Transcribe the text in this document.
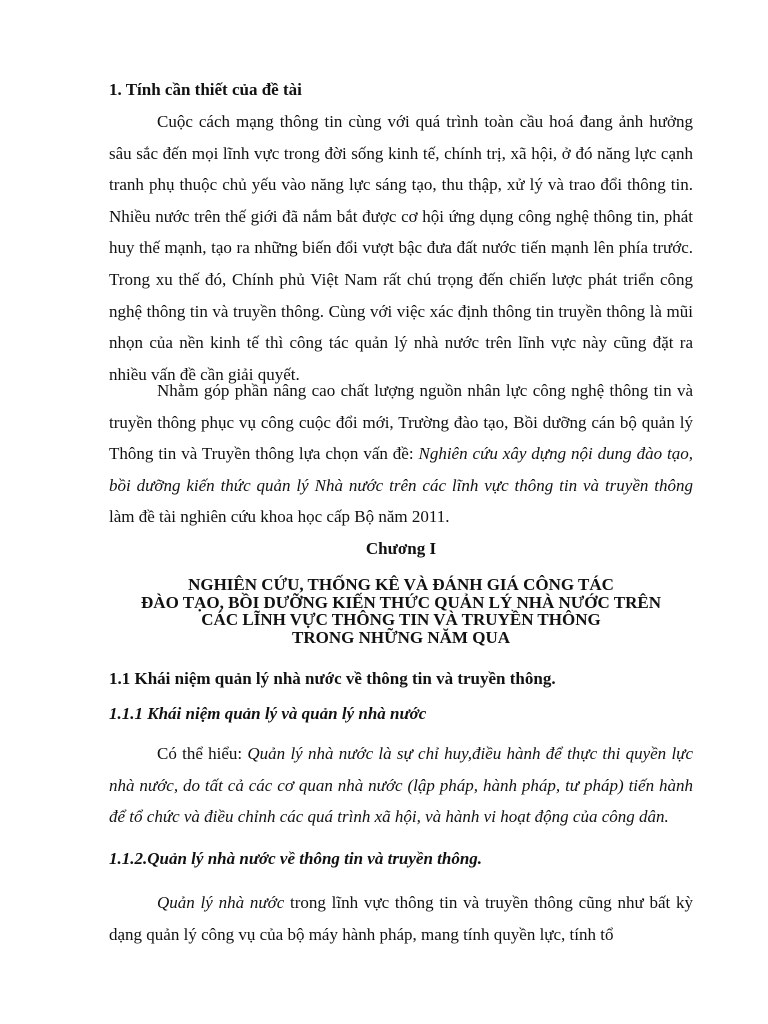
1. Tính cần thiết của đề tài

Cuộc cách mạng thông tin cùng với quá trình toàn cầu hoá đang ảnh hưởng sâu sắc đến mọi lĩnh vực trong đời sống kinh tế, chính trị, xã hội, ở đó năng lực cạnh tranh phụ thuộc chủ yếu vào năng lực sáng tạo, thu thập, xử lý và trao đổi thông tin. Nhiều nước trên thế giới đã nắm bắt được cơ hội ứng dụng công nghệ thông tin, phát huy thế mạnh, tạo ra những biến đổi vượt bậc đưa đất nước tiến mạnh lên phía trước. Trong xu thế đó, Chính phủ Việt Nam rất chú trọng đến chiến lược phát triển công nghệ thông tin và truyền thông. Cùng với việc xác định thông tin truyền thông là mũi nhọn của nền kinh tế thì công tác quản lý nhà nước trên lĩnh vực này cũng đặt ra nhiều vấn đề cần giải quyết.

Nhằm góp phần nâng cao chất lượng nguồn nhân lực công nghệ thông tin và truyền thông phục vụ công cuộc đổi mới, Trường đào tạo, Bồi dưỡng cán bộ quản lý Thông tin và Truyền thông lựa chọn vấn đề: Nghiên cứu xây dựng nội dung đào tạo, bồi dưỡng kiến thức quản lý Nhà nước trên các lĩnh vực thông tin và truyền thông làm đề tài nghiên cứu khoa học cấp Bộ năm 2011.

Chương I

NGHIÊN CỨU, THỐNG KÊ VÀ ĐÁNH GIÁ CÔNG TÁC
ĐÀO TẠO, BỒI DƯỠNG KIẾN THỨC QUẢN LÝ NHÀ NƯỚC TRÊN
CÁC LĨNH VỰC THÔNG TIN VÀ TRUYỀN THÔNG
TRONG NHỮNG NĂM QUA

1.1 Khái niệm quản lý nhà nước về thông tin và truyền thông.

1.1.1 Khái niệm quản lý và quản lý nhà nước

Có thể hiểu: Quản lý nhà nước là sự chỉ huy,điều hành để thực thi quyền lực nhà nước, do tất cả các cơ quan nhà nước (lập pháp, hành pháp, tư pháp) tiến hành để tổ chức và điều chỉnh các quá trình xã hội, và hành vi hoạt động của công dân.

1.1.2.Quản lý nhà nước về thông tin và truyền thông.

Quản lý nhà nước trong lĩnh vực thông tin và truyền thông cũng như bất kỳ dạng quản lý công vụ của bộ máy hành pháp, mang tính quyền lực, tính tổ
